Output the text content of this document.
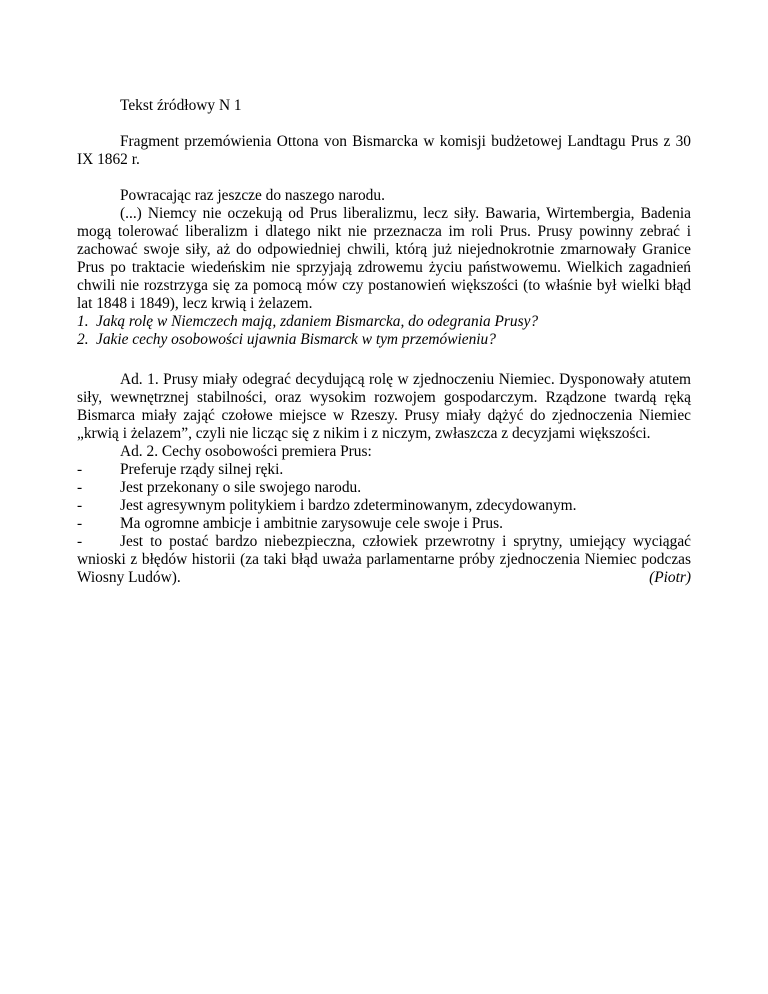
Tekst źródłowy N 1
Fragment przemówienia Ottona von Bismarcka w komisji budżetowej Landtagu Prus z 30 IX 1862 r.
Powracając raz jeszcze do naszego narodu.
(...) Niemcy nie oczekują od Prus liberalizmu, lecz siły. Bawaria, Wirtembergia, Badenia mogą tolerować liberalizm i dlatego nikt nie przeznacza im roli Prus. Prusy powinny zebrać i zachować swoje siły, aż do odpowiedniej chwili, którą już niejednokrotnie zmarnowały Granice Prus po traktacie wiedeńskim nie sprzyjają zdrowemu życiu państwowemu. Wielkich zagadnień chwili nie rozstrzyga się za pomocą mów czy postanowień większości (to właśnie był wielki błąd lat 1848 i 1849), lecz krwią i żelazem.
1. Jaką rolę w Niemczech mają, zdaniem Bismarcka, do odegrania Prusy?
2. Jakie cechy osobowości ujawnia Bismarck w tym przemówieniu?
Ad. 1. Prusy miały odegrać decydującą rolę w zjednoczeniu Niemiec. Dysponowały atutem siły, wewnętrznej stabilności, oraz wysokim rozwojem gospodarczym. Rządzone twardą ręką Bismarca miały zająć czołowe miejsce w Rzeszy. Prusy miały dążyć do zjednoczenia Niemiec „krwią i żelazem”, czyli nie licząc się z nikim i z niczym, zwłaszcza z decyzjami większości.
Ad. 2. Cechy osobowości premiera Prus:
- Preferuje rządy silnej ręki.
- Jest przekonany o sile swojego narodu.
- Jest agresywnym politykiem i bardzo zdeterminowanym, zdecydowanym.
- Ma ogromne ambicje i ambitnie zarysowuje cele swoje i Prus.
- Jest to postać bardzo niebezpieczna, człowiek przewrotny i sprytny, umiejący wyciągać wnioski z błędów historii (za taki błąd uważa parlamentarne próby zjednoczenia Niemiec podczas Wiosny Ludów).	(Piotr)
